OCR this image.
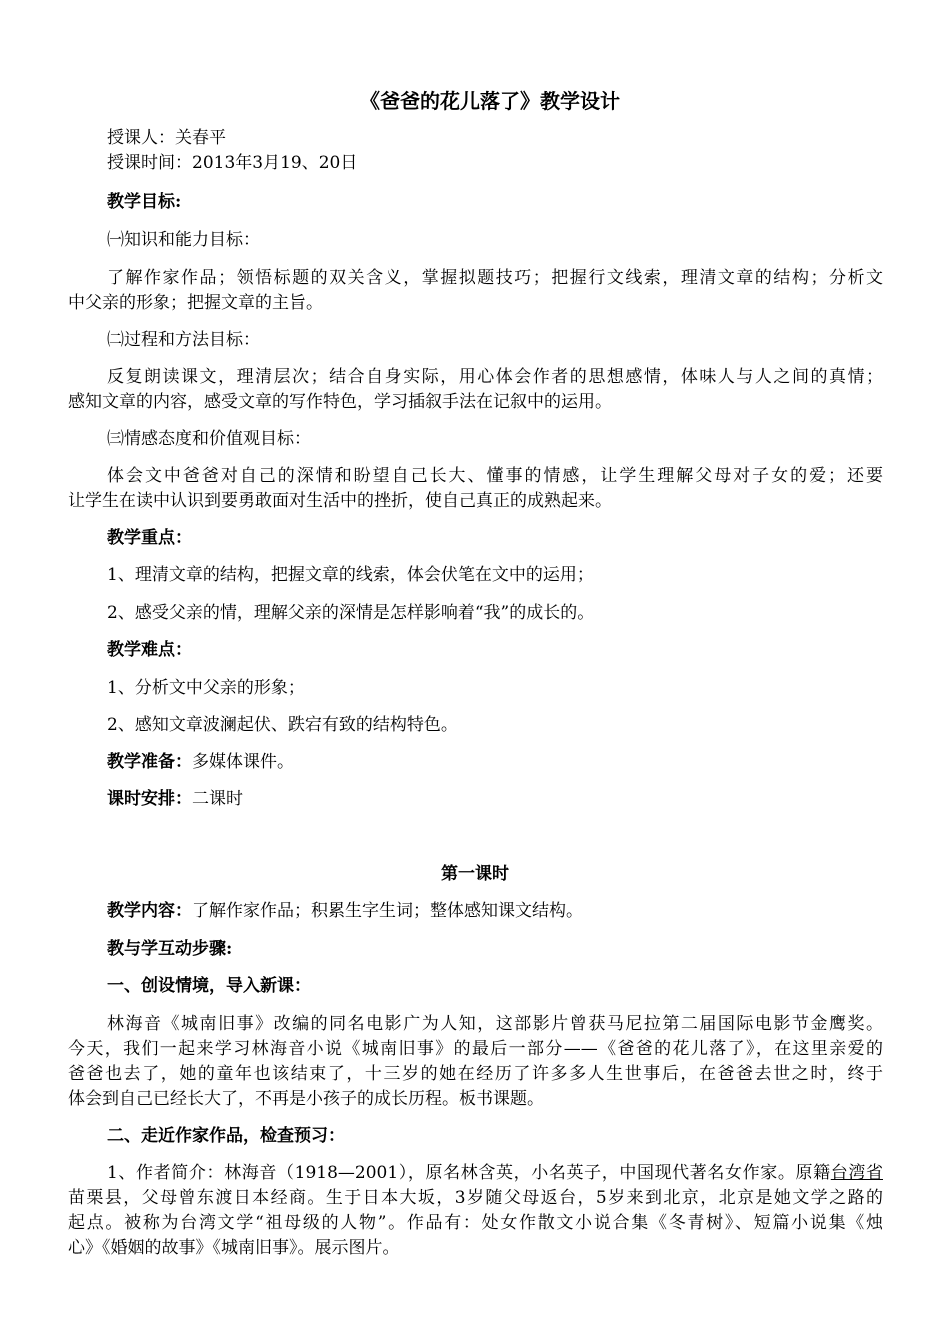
《爸爸的花儿落了》教学设计
授课人：关春平
授课时间：2013年3月19、20日
教学目标:
㈠知识和能力目标：
了解作家作品；领悟标题的双关含义，掌握拟题技巧；把握行文线索，理清文章的结构；分析文
中父亲的形象；把握文章的主旨。
㈡过程和方法目标：
反复朗读课文，理清层次；结合自身实际，用心体会作者的思想感情，体味人与人之间的真情；
感知文章的内容，感受文章的写作特色，学习插叙手法在记叙中的运用。
㈢情感态度和价值观目标：
体会文中爸爸对自己的深情和盼望自己长大、懂事的情感，让学生理解父母对子女的爱；还要
让学生在读中认识到要勇敢面对生活中的挫折，使自己真正的成熟起来。
教学重点：
1、理清文章的结构，把握文章的线索，体会伏笔在文中的运用；
2、感受父亲的情，理解父亲的深情是怎样影响着“我”的成长的。
教学难点：
1、分析文中父亲的形象；
2、感知文章波澜起伏、跌宕有致的结构特色。
教学准备：多媒体课件。
课时安排：二课时
第一课时
教学内容：了解作家作品；积累生字生词；整体感知课文结构。
教与学互动步骤:
一、创设情境，导入新课：
林海音《城南旧事》改编的同名电影广为人知，这部影片曾获马尼拉第二届国际电影节金鹰奖。
今天，我们一起来学习林海音小说《城南旧事》的最后一部分——《爸爸的花儿落了》，在这里亲爱的
爸爸也去了，她的童年也该结束了，十三岁的她在经历了许多多人生世事后，在爸爸去世之时，终于
体会到自己已经长大了，不再是小孩子的成长历程。板书课题。
二、走近作家作品，检查预习：
1、作者简介：林海音（1918—2001），原名林含英，小名英子，中国现代著名女作家。原籍台湾省
苗栗县，父母曾东渡日本经商。生于日本大坂，3岁随父母返台，5岁来到北京，北京是她文学之路的
起点。被称为台湾文学“祖母级的人物”。作品有：处女作散文小说合集《冬青树》、短篇小说集《烛
心》《婚姻的故事》《城南旧事》。展示图片。
